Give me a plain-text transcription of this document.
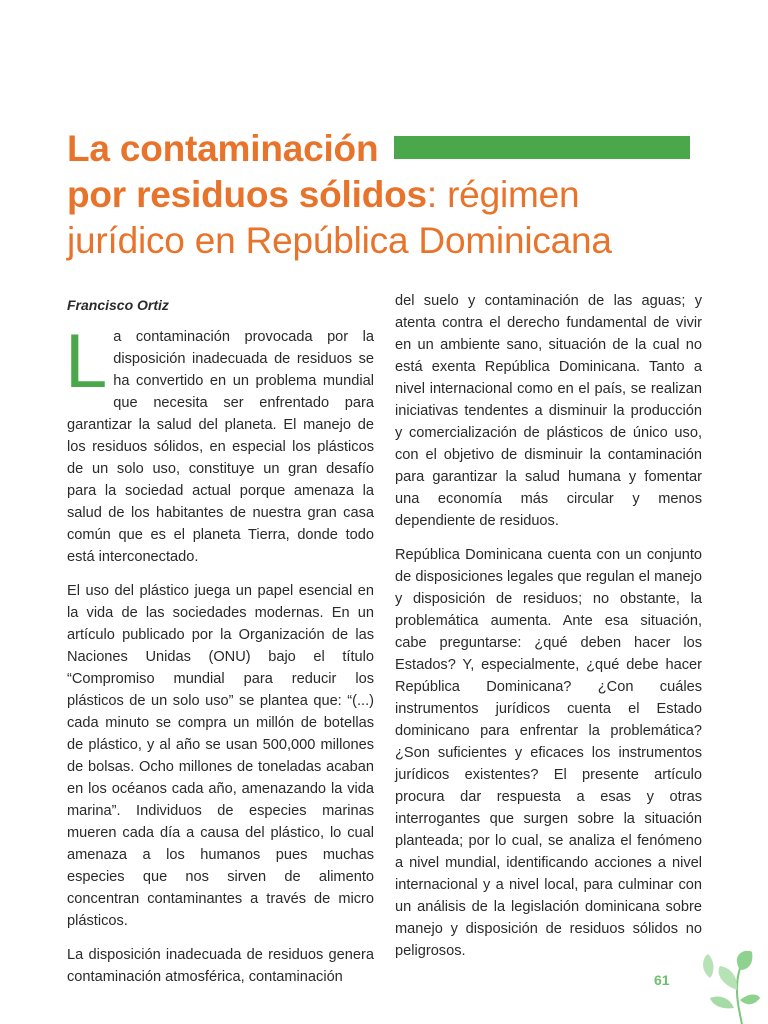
La contaminación
por residuos sólidos: régimen
jurídico en República Dominicana

Francisco Ortiz

La contaminación provocada por la disposición inadecuada de residuos se ha convertido en un problema mundial que necesita ser enfrentado para garantizar la salud del planeta. El manejo de los residuos sólidos, en especial los plásticos de un solo uso, constituye un gran desafío para la sociedad actual porque amenaza la salud de los habitantes de nuestra gran casa común que es el planeta Tierra, donde todo está interconectado.

El uso del plástico juega un papel esencial en la vida de las sociedades modernas. En un artículo publicado por la Organización de las Naciones Unidas (ONU) bajo el título “Compromiso mundial para reducir los plásticos de un solo uso” se plantea que: “(...) cada minuto se compra un millón de botellas de plástico, y al año se usan 500,000 millones de bolsas. Ocho millones de toneladas acaban en los océanos cada año, amenazando la vida marina”. Individuos de especies marinas mueren cada día a causa del plástico, lo cual amenaza a los humanos pues muchas especies que nos sirven de alimento concentran contaminantes a través de micro plásticos.

La disposición inadecuada de residuos genera contaminación atmosférica, contaminación

del suelo y contaminación de las aguas; y atenta contra el derecho fundamental de vivir en un ambiente sano, situación de la cual no está exenta República Dominicana. Tanto a nivel internacional como en el país, se realizan iniciativas tendentes a disminuir la producción y comercialización de plásticos de único uso, con el objetivo de disminuir la contaminación para garantizar la salud humana y fomentar una economía más circular y menos dependiente de residuos.

República Dominicana cuenta con un conjunto de disposiciones legales que regulan el manejo y disposición de residuos; no obstante, la problemática aumenta. Ante esa situación, cabe preguntarse: ¿qué deben hacer los Estados? Y, especialmente, ¿qué debe hacer República Dominicana? ¿Con cuáles instrumentos jurídicos cuenta el Estado dominicano para enfrentar la problemática? ¿Son suficientes y eficaces los instrumentos jurídicos existentes? El presente artículo procura dar respuesta a esas y otras interrogantes que surgen sobre la situación planteada; por lo cual, se analiza el fenómeno a nivel mundial, identificando acciones a nivel internacional y a nivel local, para culminar con un análisis de la legislación dominicana sobre manejo y disposición de residuos sólidos no peligrosos.

61
